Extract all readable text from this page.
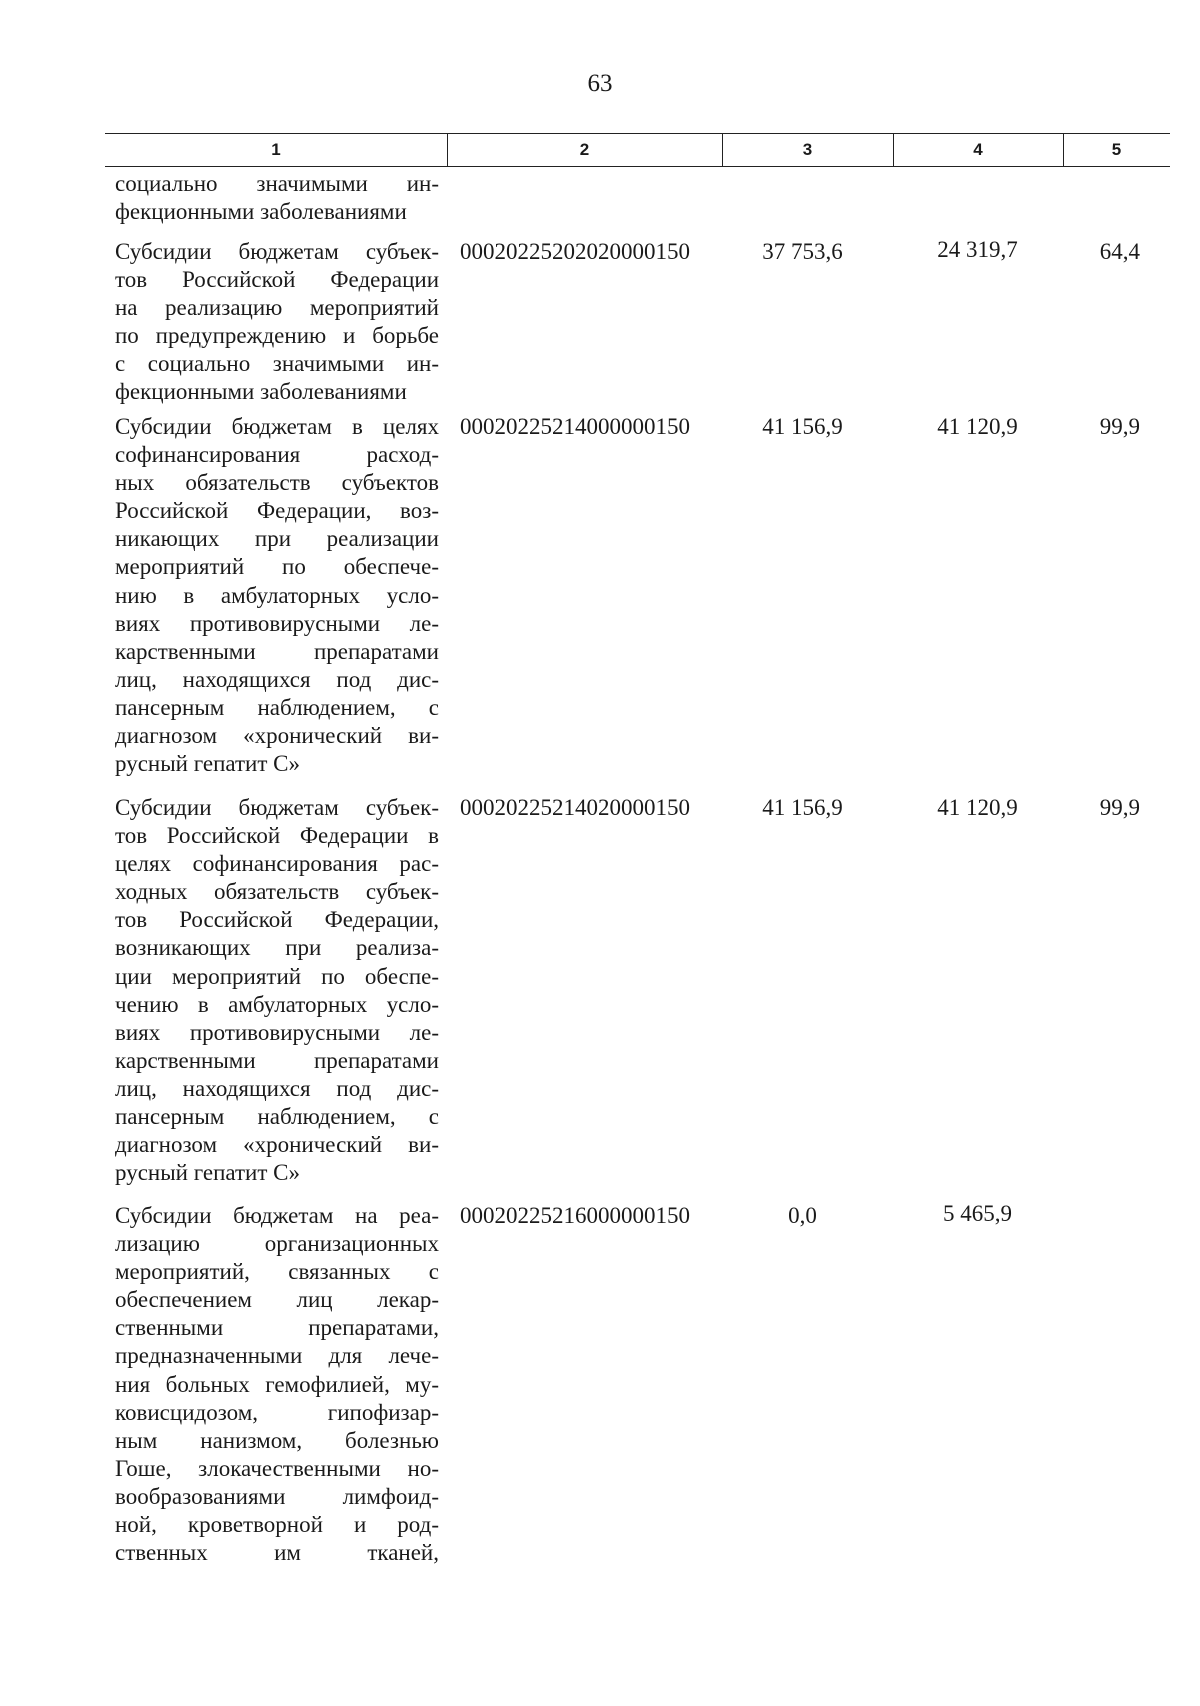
63
1	2	3	4	5
социально значимыми ин-
фекционными заболеваниями
Субсидии бюджетам субъек-
тов Российской Федерации
на реализацию мероприятий
по предупреждению и борьбе
с социально значимыми ин-
фекционными заболеваниями
00020225202020000150	37 753,6	24 319,7	64,4
Субсидии бюджетам в целях
софинансирования расход-
ных обязательств субъектов
Российской Федерации, воз-
никающих при реализации
мероприятий по обеспече-
нию в амбулаторных усло-
виях противовирусными ле-
карственными препаратами
лиц, находящихся под дис-
пансерным наблюдением, с
диагнозом «хронический ви-
русный гепатит С»
00020225214000000150	41 156,9	41 120,9	99,9
Субсидии бюджетам субъек-
тов Российской Федерации в
целях софинансирования рас-
ходных обязательств субъек-
тов Российской Федерации,
возникающих при реализа-
ции мероприятий по обеспе-
чению в амбулаторных усло-
виях противовирусными ле-
карственными препаратами
лиц, находящихся под дис-
пансерным наблюдением, с
диагнозом «хронический ви-
русный гепатит С»
00020225214020000150	41 156,9	41 120,9	99,9
Субсидии бюджетам на реа-
лизацию организационных
мероприятий, связанных с
обеспечением лиц лекар-
ственными препаратами,
предназначенными для лече-
ния больных гемофилией, му-
ковисцидозом, гипофизар-
ным нанизмом, болезнью
Гоше, злокачественными но-
вообразованиями лимфоид-
ной, кроветворной и род-
ственных им тканей,
00020225216000000150	0,0	5 465,9
